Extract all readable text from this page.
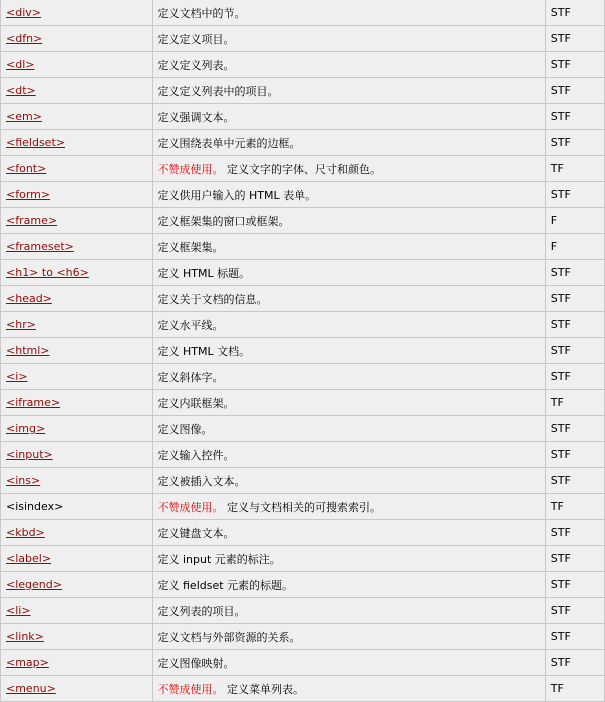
<div>	定义文档中的节。	STF
<dfn>	定义定义项目。	STF
<dl>	定义定义列表。	STF
<dt>	定义定义列表中的项目。	STF
<em>	定义强调文本。	STF
<fieldset>	定义围绕表单中元素的边框。	STF
<font>	不赞成使用。 定义文字的字体、尺寸和颜色。	TF
<form>	定义供用户输入的 HTML 表单。	STF
<frame>	定义框架集的窗口或框架。	F
<frameset>	定义框架集。	F
<h1> to <h6>	定义 HTML 标题。	STF
<head>	定义关于文档的信息。	STF
<hr>	定义水平线。	STF
<html>	定义 HTML 文档。	STF
<i>	定义斜体字。	STF
<iframe>	定义内联框架。	TF
<img>	定义图像。	STF
<input>	定义输入控件。	STF
<ins>	定义被插入文本。	STF
<isindex>	不赞成使用。 定义与文档相关的可搜索索引。	TF
<kbd>	定义键盘文本。	STF
<label>	定义 input 元素的标注。	STF
<legend>	定义 fieldset 元素的标题。	STF
<li>	定义列表的项目。	STF
<link>	定义文档与外部资源的关系。	STF
<map>	定义图像映射。	STF
<menu>	不赞成使用。 定义菜单列表。	TF
